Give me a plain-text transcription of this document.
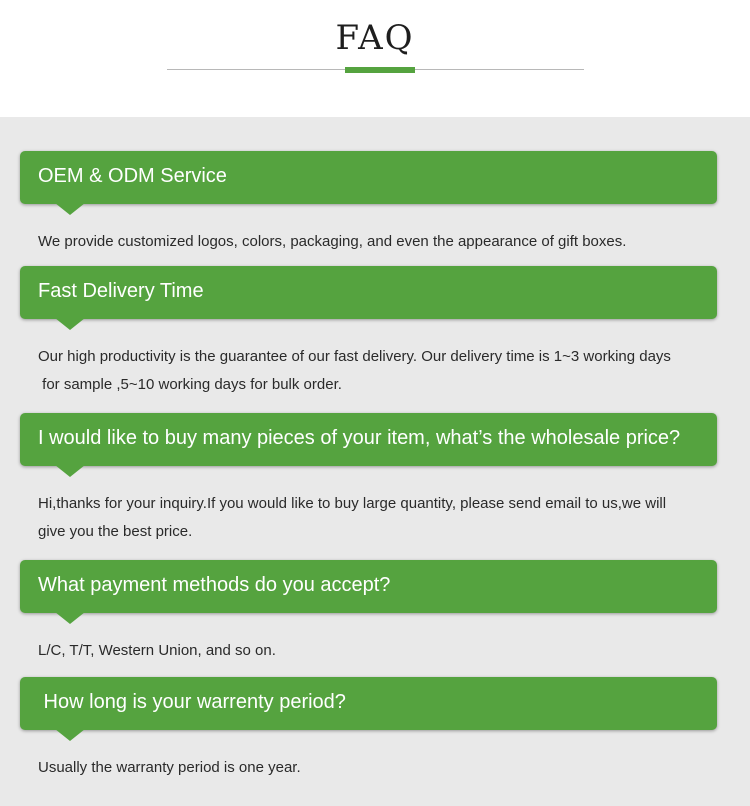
FAQ
OEM & ODM Service
We provide customized logos, colors, packaging, and even the appearance of gift boxes.
Fast Delivery Time
Our high productivity is the guarantee of our fast delivery. Our delivery time is 1~3 working days
for sample ,5~10 working days for bulk order.
I would like to buy many pieces of your item, what’s the wholesale price?
Hi,thanks for your inquiry.If you would like to buy large quantity, please send email to us,we will
give you the best price.
What payment methods do you accept?
L/C, T/T, Western Union, and so on.
How long is your warrenty period?
Usually the warranty period is one year.
